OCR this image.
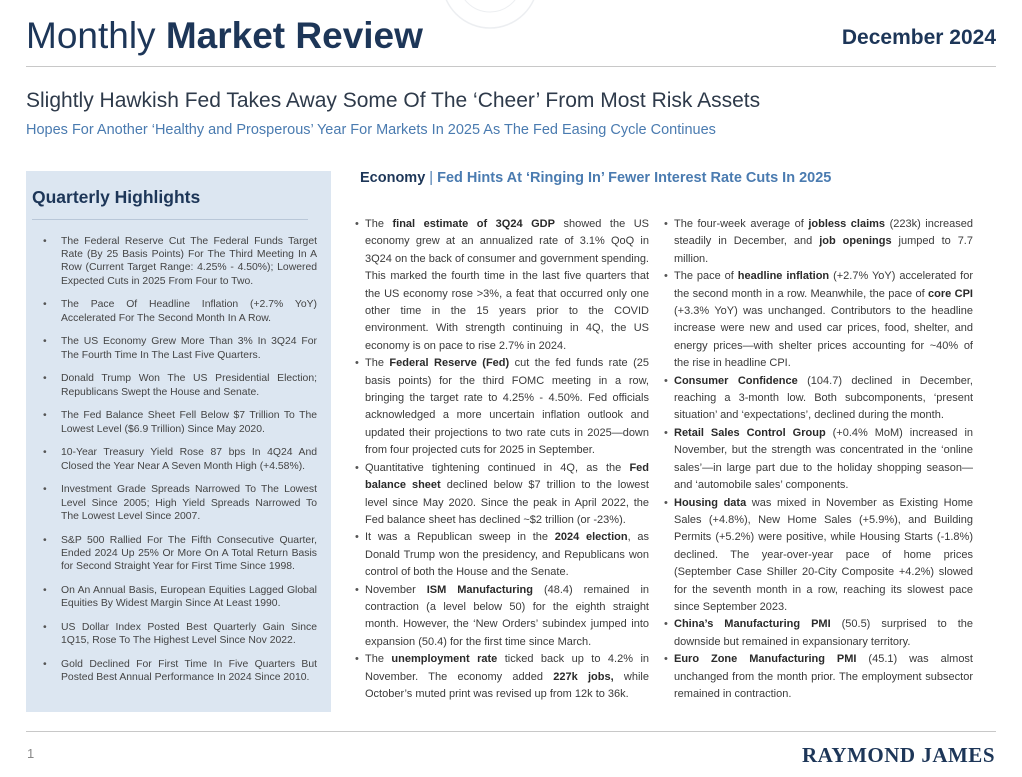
Monthly Market Review	December 2024
Slightly Hawkish Fed Takes Away Some Of The ‘Cheer’ From Most Risk Assets
Hopes For Another ‘Healthy and Prosperous’ Year For Markets In 2025 As The Fed Easing Cycle Continues
Quarterly Highlights
• The Federal Reserve Cut The Federal Funds Target Rate (By 25 Basis Points) For The Third Meeting In A Row (Current Target Range: 4.25% - 4.50%); Lowered Expected Cuts in 2025 From Four to Two.
• The Pace Of Headline Inflation (+2.7% YoY) Accelerated For The Second Month In A Row.
• The US Economy Grew More Than 3% In 3Q24 For The Fourth Time In The Last Five Quarters.
• Donald Trump Won The US Presidential Election; Republicans Swept the House and Senate.
• The Fed Balance Sheet Fell Below $7 Trillion To The Lowest Level ($6.9 Trillion) Since May 2020.
• 10-Year Treasury Yield Rose 87 bps In 4Q24 And Closed the Year Near A Seven Month High (+4.58%).
• Investment Grade Spreads Narrowed To The Lowest Level Since 2005; High Yield Spreads Narrowed To The Lowest Level Since 2007.
• S&P 500 Rallied For The Fifth Consecutive Quarter, Ended 2024 Up 25% Or More On A Total Return Basis for Second Straight Year for First Time Since 1998.
• On An Annual Basis, European Equities Lagged Global Equities By Widest Margin Since At Least 1990.
• US Dollar Index Posted Best Quarterly Gain Since 1Q15, Rose To The Highest Level Since Nov 2022.
• Gold Declined For First Time In Five Quarters But Posted Best Annual Performance In 2024 Since 2010.
Economy | Fed Hints At ‘Ringing In’ Fewer Interest Rate Cuts In 2025

• The final estimate of 3Q24 GDP showed the US economy grew at an annualized rate of 3.1% QoQ in 3Q24 on the back of consumer and government spending. This marked the fourth time in the last five quarters that the US economy rose >3%, a feat that occurred only one other time in the 15 years prior to the COVID environment. With strength continuing in 4Q, the US economy is on pace to rise 2.7% in 2024.

• The Federal Reserve (Fed) cut the fed funds rate (25 basis points) for the third FOMC meeting in a row, bringing the target rate to 4.25% - 4.50%. Fed officials acknowledged a more uncertain inflation outlook and updated their projections to two rate cuts in 2025—down from four projected cuts for 2025 in September.

• Quantitative tightening continued in 4Q, as the Fed balance sheet declined below $7 trillion to the lowest level since May 2020. Since the peak in April 2022, the Fed balance sheet has declined ~$2 trillion (or -23%).

• It was a Republican sweep in the 2024 election, as Donald Trump won the presidency, and Republicans won control of both the House and the Senate.

• November ISM Manufacturing (48.4) remained in contraction (a level below 50) for the eighth straight month. However, the ‘New Orders’ subindex jumped into expansion (50.4) for the first time since March.

• The unemployment rate ticked back up to 4.2% in November. The economy added 227k jobs, while October’s muted print was revised up from 12k to 36k.

• The four-week average of jobless claims (223k) increased steadily in December, and job openings jumped to 7.7 million.

• The pace of headline inflation (+2.7% YoY) accelerated for the second month in a row. Meanwhile, the pace of core CPI (+3.3% YoY) was unchanged. Contributors to the headline increase were new and used car prices, food, shelter, and energy prices—with shelter prices accounting for ~40% of the rise in headline CPI.

• Consumer Confidence (104.7) declined in December, reaching a 3-month low. Both subcomponents, ‘present situation’ and ‘expectations’, declined during the month.

• Retail Sales Control Group (+0.4% MoM) increased in November, but the strength was concentrated in the ‘online sales’—in large part due to the holiday shopping season—and ‘automobile sales’ components.

• Housing data was mixed in November as Existing Home Sales (+4.8%), New Home Sales (+5.9%), and Building Permits (+5.2%) were positive, while Housing Starts (-1.8%) declined. The year-over-year pace of home prices (September Case Shiller 20-City Composite +4.2%) slowed for the seventh month in a row, reaching its slowest pace since September 2023.

• China’s Manufacturing PMI (50.5) surprised to the downside but remained in expansionary territory.

• Euro Zone Manufacturing PMI (45.1) was almost unchanged from the month prior. The employment subsector remained in contraction.

1	RAYMOND JAMES
